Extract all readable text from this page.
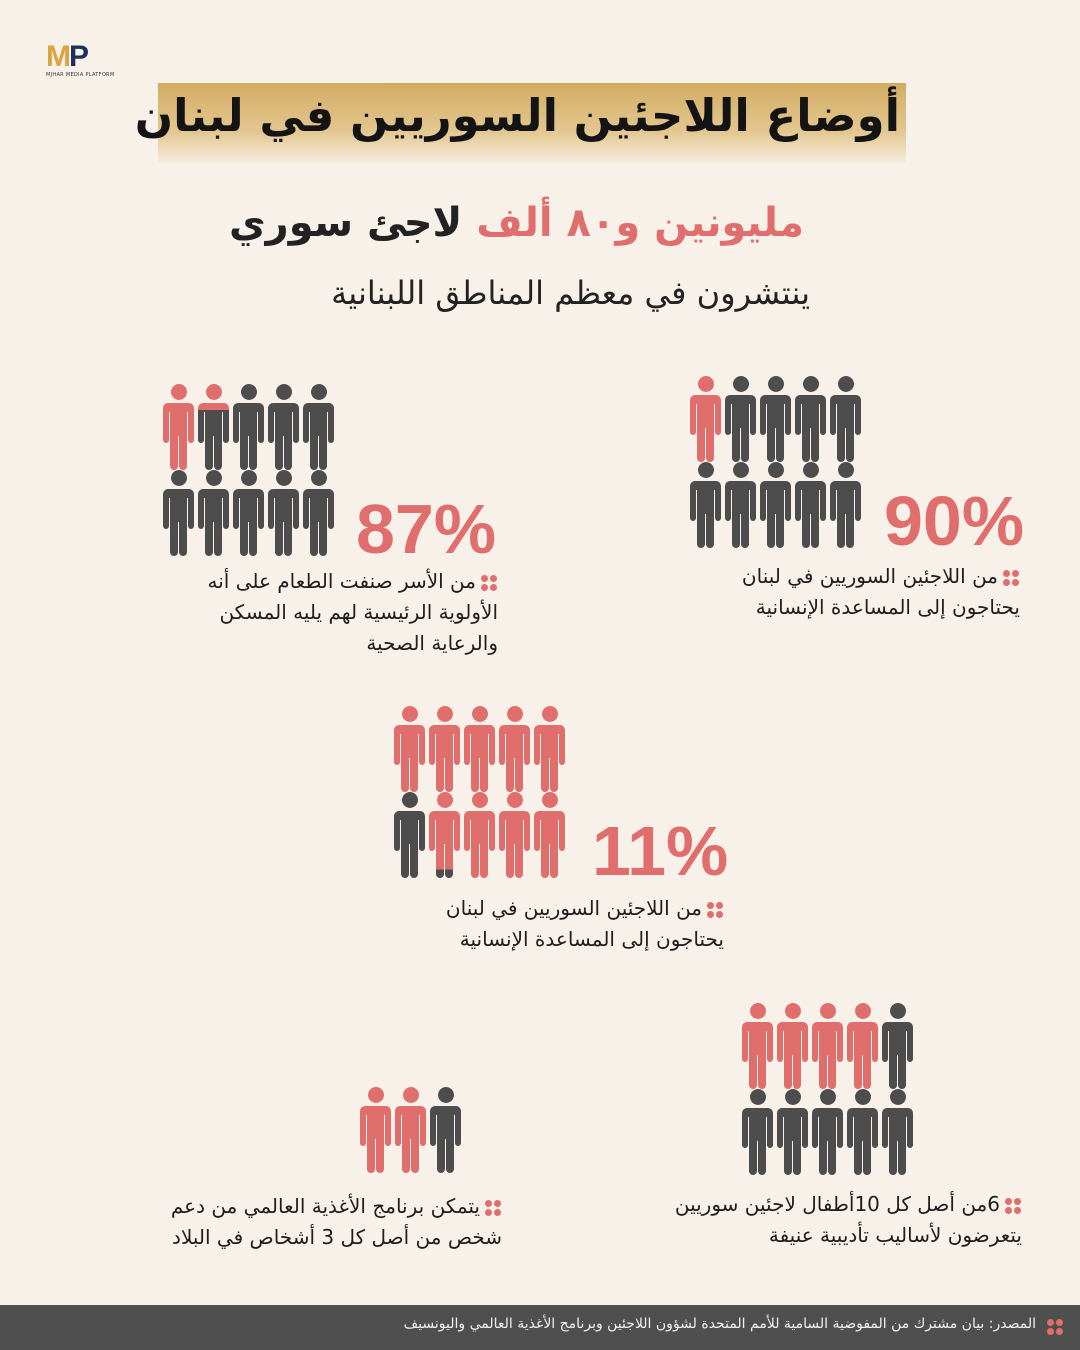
MP
MJHAR MEDIA PLATFORM
أوضاع اللاجئين السوريين في لبنان
مليونين و٨٠ ألف لاجئ سوري
ينتشرون في معظم المناطق اللبنانية
90%
من اللاجئين السوريين في لبنان
يحتاجون إلى المساعدة الإنسانية
87%
من الأسر صنفت الطعام على أنه
الأولوية الرئيسية لهم يليه المسكن
والرعاية الصحية
11%
من اللاجئين السوريين في لبنان
يحتاجون إلى المساعدة الإنسانية
6من أصل كل 10أطفال لاجئين سوريين
يتعرضون لأساليب تأديبية عنيفة
يتمكن برنامج الأغذية العالمي من دعم
شخص من أصل كل 3 أشخاص في البلاد
المصدر: بيان مشترك من المفوضية السامية للأمم المتحدة لشؤون اللاجئين وبرنامج الأغذية العالمي واليونسيف
